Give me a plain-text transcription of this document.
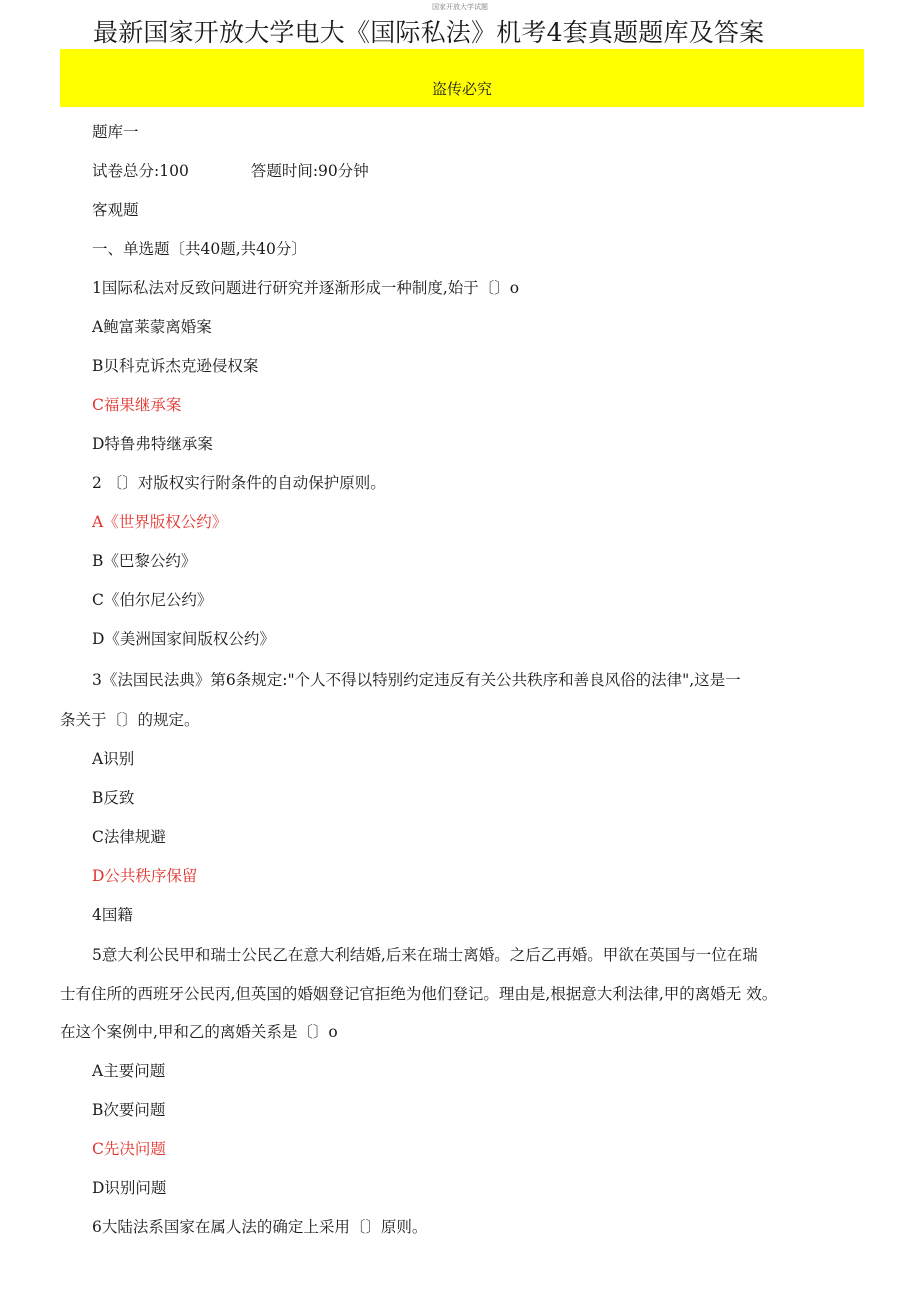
国家开放大学试题
最新国家开放大学电大《国际私法》机考4套真题题库及答案
盗传必究
题库一
试卷总分:100	答题时间:90分钟
客观题
一、单选题〔共40题,共40分〕
1国际私法对反致问题进行研究并逐渐形成一种制度,始于〔〕o
A鲍富莱蒙离婚案
B贝科克诉杰克逊侵权案
C福果继承案
D特鲁弗特继承案
2 〔〕对版权实行附条件的自动保护原则。
A《世界版权公约》
B《巴黎公约》
C《伯尔尼公约》
D《美洲国家间版权公约》
3《法国民法典》第6条规定:"个人不得以特别约定违反有关公共秩序和善良风俗的法律",这是一
条关于〔〕的规定。
A识别
B反致
C法律规避
D公共秩序保留
4国籍
5意大利公民甲和瑞士公民乙在意大利结婚,后来在瑞士离婚。之后乙再婚。甲欲在英国与一位在瑞
士有住所的西班牙公民丙,但英国的婚姻登记官拒绝为他们登记。理由是,根据意大利法律,甲的离婚无 效。
在这个案例中,甲和乙的离婚关系是〔〕o
A主要问题
B次要问题
C先决问题
D识别问题
6大陆法系国家在属人法的确定上采用〔〕原则。
